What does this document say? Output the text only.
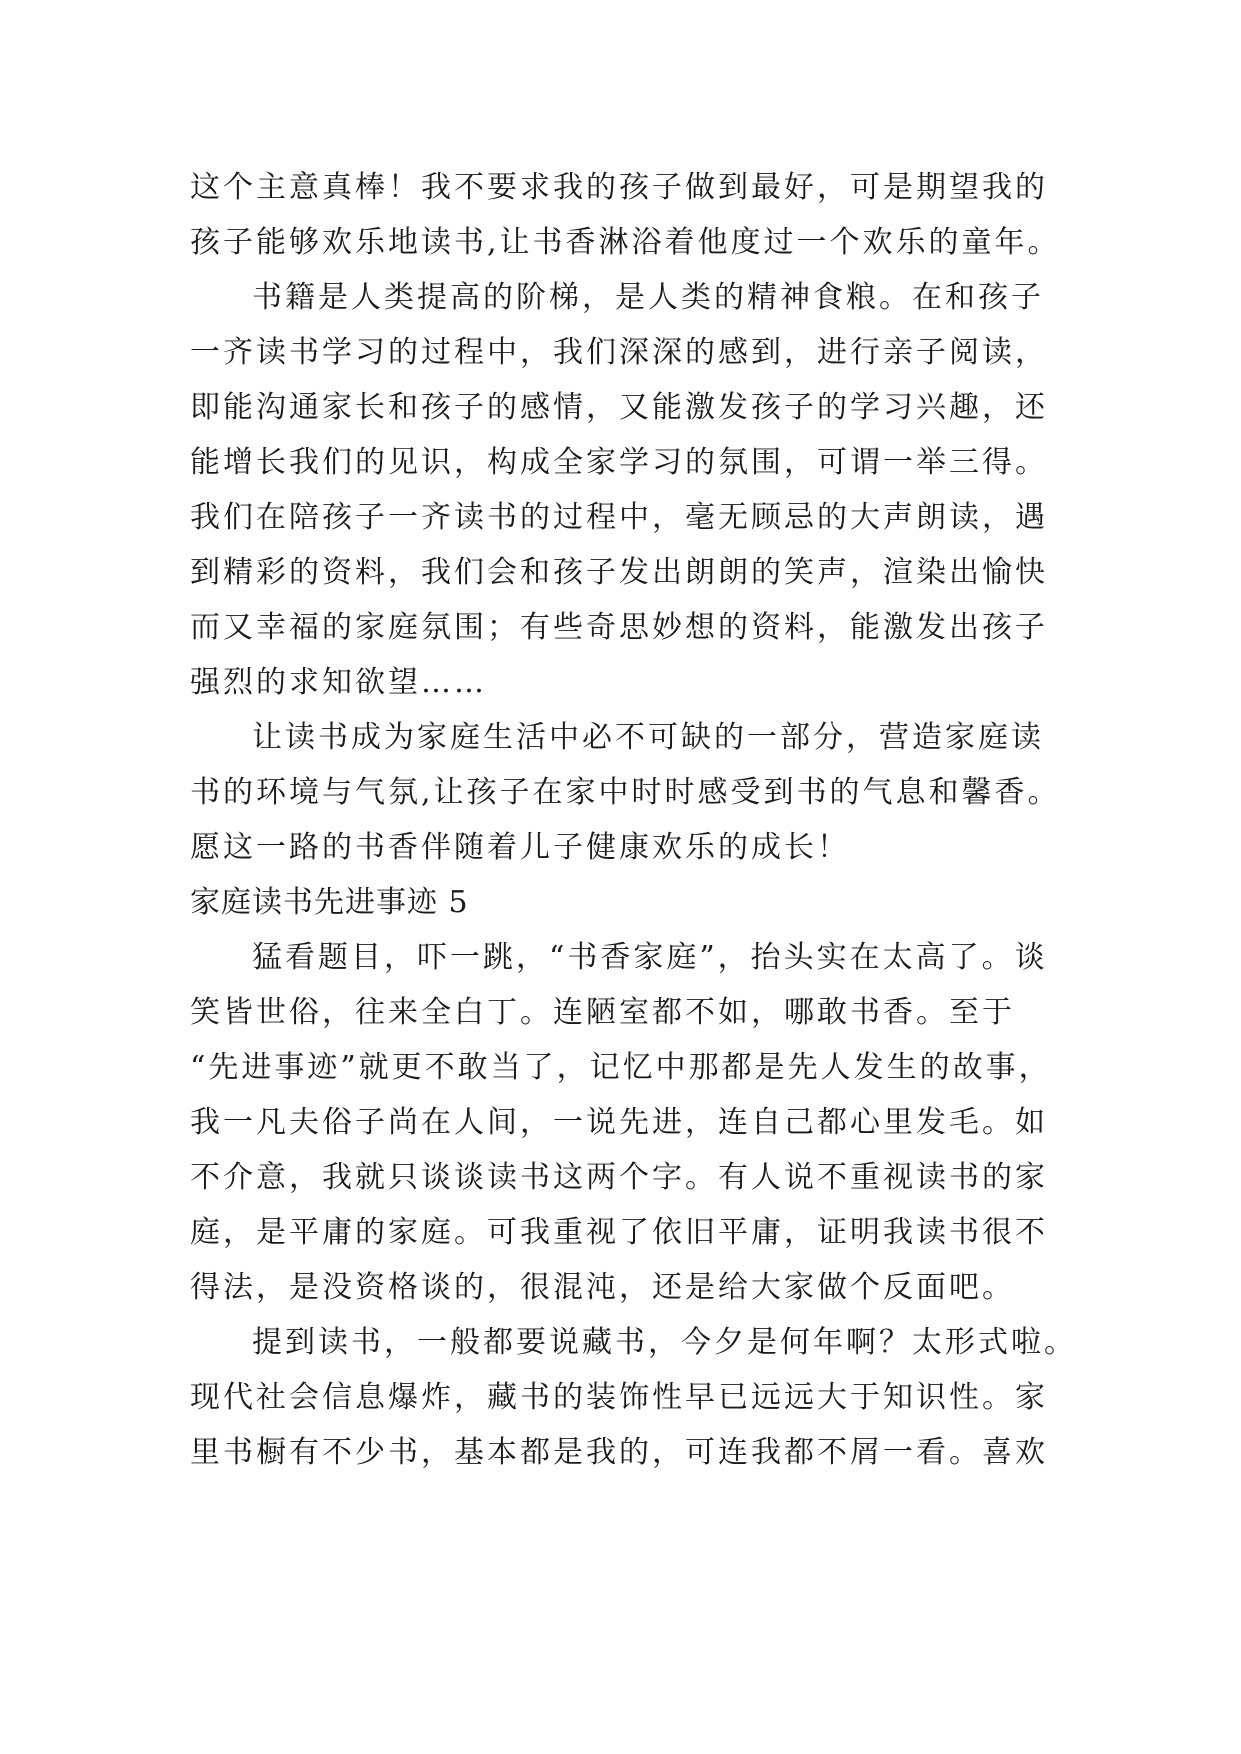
这个主意真棒！我不要求我的孩子做到最好，可是期望我的
孩子能够欢乐地读书,让书香淋浴着他度过一个欢乐的童年。
书籍是人类提高的阶梯，是人类的精神食粮。在和孩子
一齐读书学习的过程中，我们深深的感到，进行亲子阅读，
即能沟通家长和孩子的感情，又能激发孩子的学习兴趣，还
能增长我们的见识，构成全家学习的氛围，可谓一举三得。
我们在陪孩子一齐读书的过程中，毫无顾忌的大声朗读，遇
到精彩的资料，我们会和孩子发出朗朗的笑声，渲染出愉快
而又幸福的家庭氛围；有些奇思妙想的资料，能激发出孩子
强烈的求知欲望……
让读书成为家庭生活中必不可缺的一部分，营造家庭读
书的环境与气氛,让孩子在家中时时感受到书的气息和馨香。
愿这一路的书香伴随着儿子健康欢乐的成长！
家庭读书先进事迹 5
猛看题目，吓一跳，“书香家庭”，抬头实在太高了。谈
笑皆世俗，往来全白丁。连陋室都不如，哪敢书香。至于
“先进事迹”就更不敢当了，记忆中那都是先人发生的故事，
我一凡夫俗子尚在人间，一说先进，连自己都心里发毛。如
不介意，我就只谈谈读书这两个字。有人说不重视读书的家
庭，是平庸的家庭。可我重视了依旧平庸，证明我读书很不
得法，是没资格谈的，很混沌，还是给大家做个反面吧。
提到读书，一般都要说藏书，今夕是何年啊？太形式啦。
现代社会信息爆炸，藏书的装饰性早已远远大于知识性。家
里书橱有不少书，基本都是我的，可连我都不屑一看。喜欢
